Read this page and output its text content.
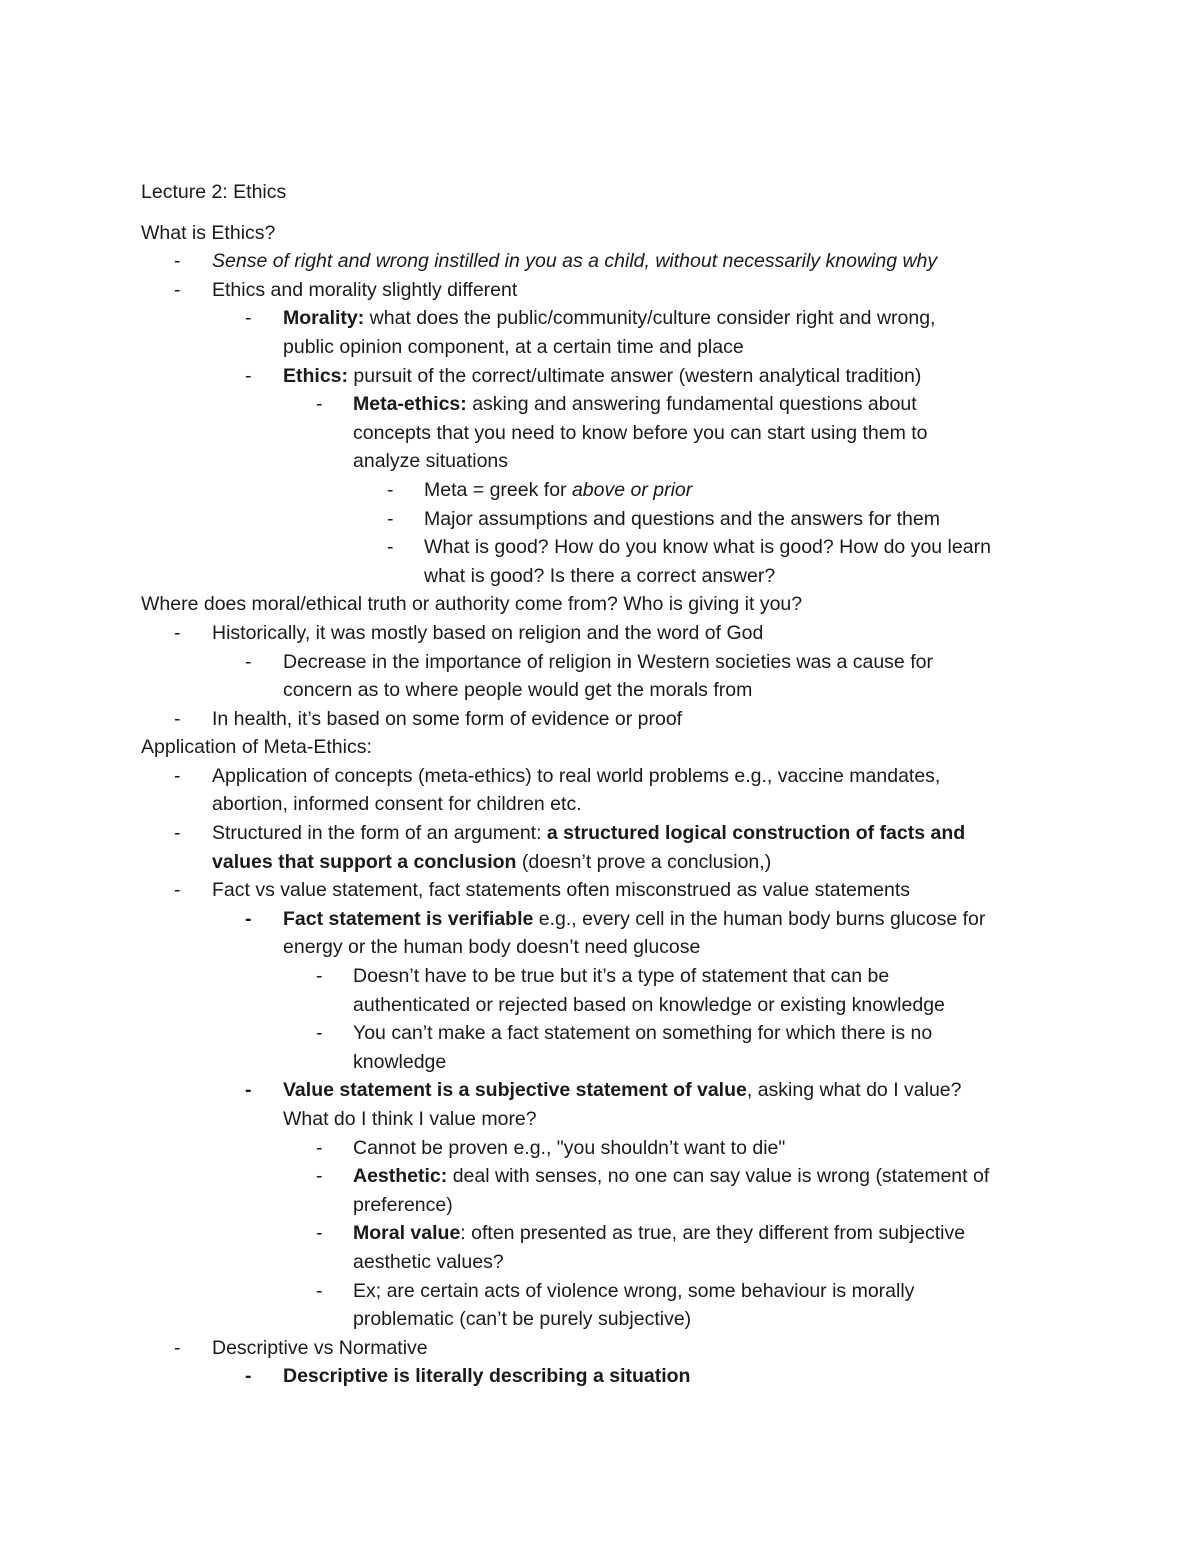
Lecture 2: Ethics
What is Ethics?
- Sense of right and wrong instilled in you as a child, without necessarily knowing why
- Ethics and morality slightly different
- Morality: what does the public/community/culture consider right and wrong,
public opinion component, at a certain time and place
- Ethics: pursuit of the correct/ultimate answer (western analytical tradition)
- Meta-ethics: asking and answering fundamental questions about
concepts that you need to know before you can start using them to
analyze situations
- Meta = greek for above or prior
- Major assumptions and questions and the answers for them
- What is good? How do you know what is good? How do you learn
what is good? Is there a correct answer?
Where does moral/ethical truth or authority come from? Who is giving it you?
- Historically, it was mostly based on religion and the word of God
- Decrease in the importance of religion in Western societies was a cause for
concern as to where people would get the morals from
- In health, it’s based on some form of evidence or proof
Application of Meta-Ethics:
- Application of concepts (meta-ethics) to real world problems e.g., vaccine mandates,
abortion, informed consent for children etc.
- Structured in the form of an argument: a structured logical construction of facts and
values that support a conclusion (doesn’t prove a conclusion,)
- Fact vs value statement, fact statements often misconstrued as value statements
- Fact statement is verifiable e.g., every cell in the human body burns glucose for
energy or the human body doesn’t need glucose
- Doesn’t have to be true but it’s a type of statement that can be
authenticated or rejected based on knowledge or existing knowledge
- You can’t make a fact statement on something for which there is no
knowledge
- Value statement is a subjective statement of value, asking what do I value?
What do I think I value more?
- Cannot be proven e.g., "you shouldn’t want to die"
- Aesthetic: deal with senses, no one can say value is wrong (statement of
preference)
- Moral value: often presented as true, are they different from subjective
aesthetic values?
- Ex; are certain acts of violence wrong, some behaviour is morally
problematic (can’t be purely subjective)
- Descriptive vs Normative
- Descriptive is literally describing a situation
